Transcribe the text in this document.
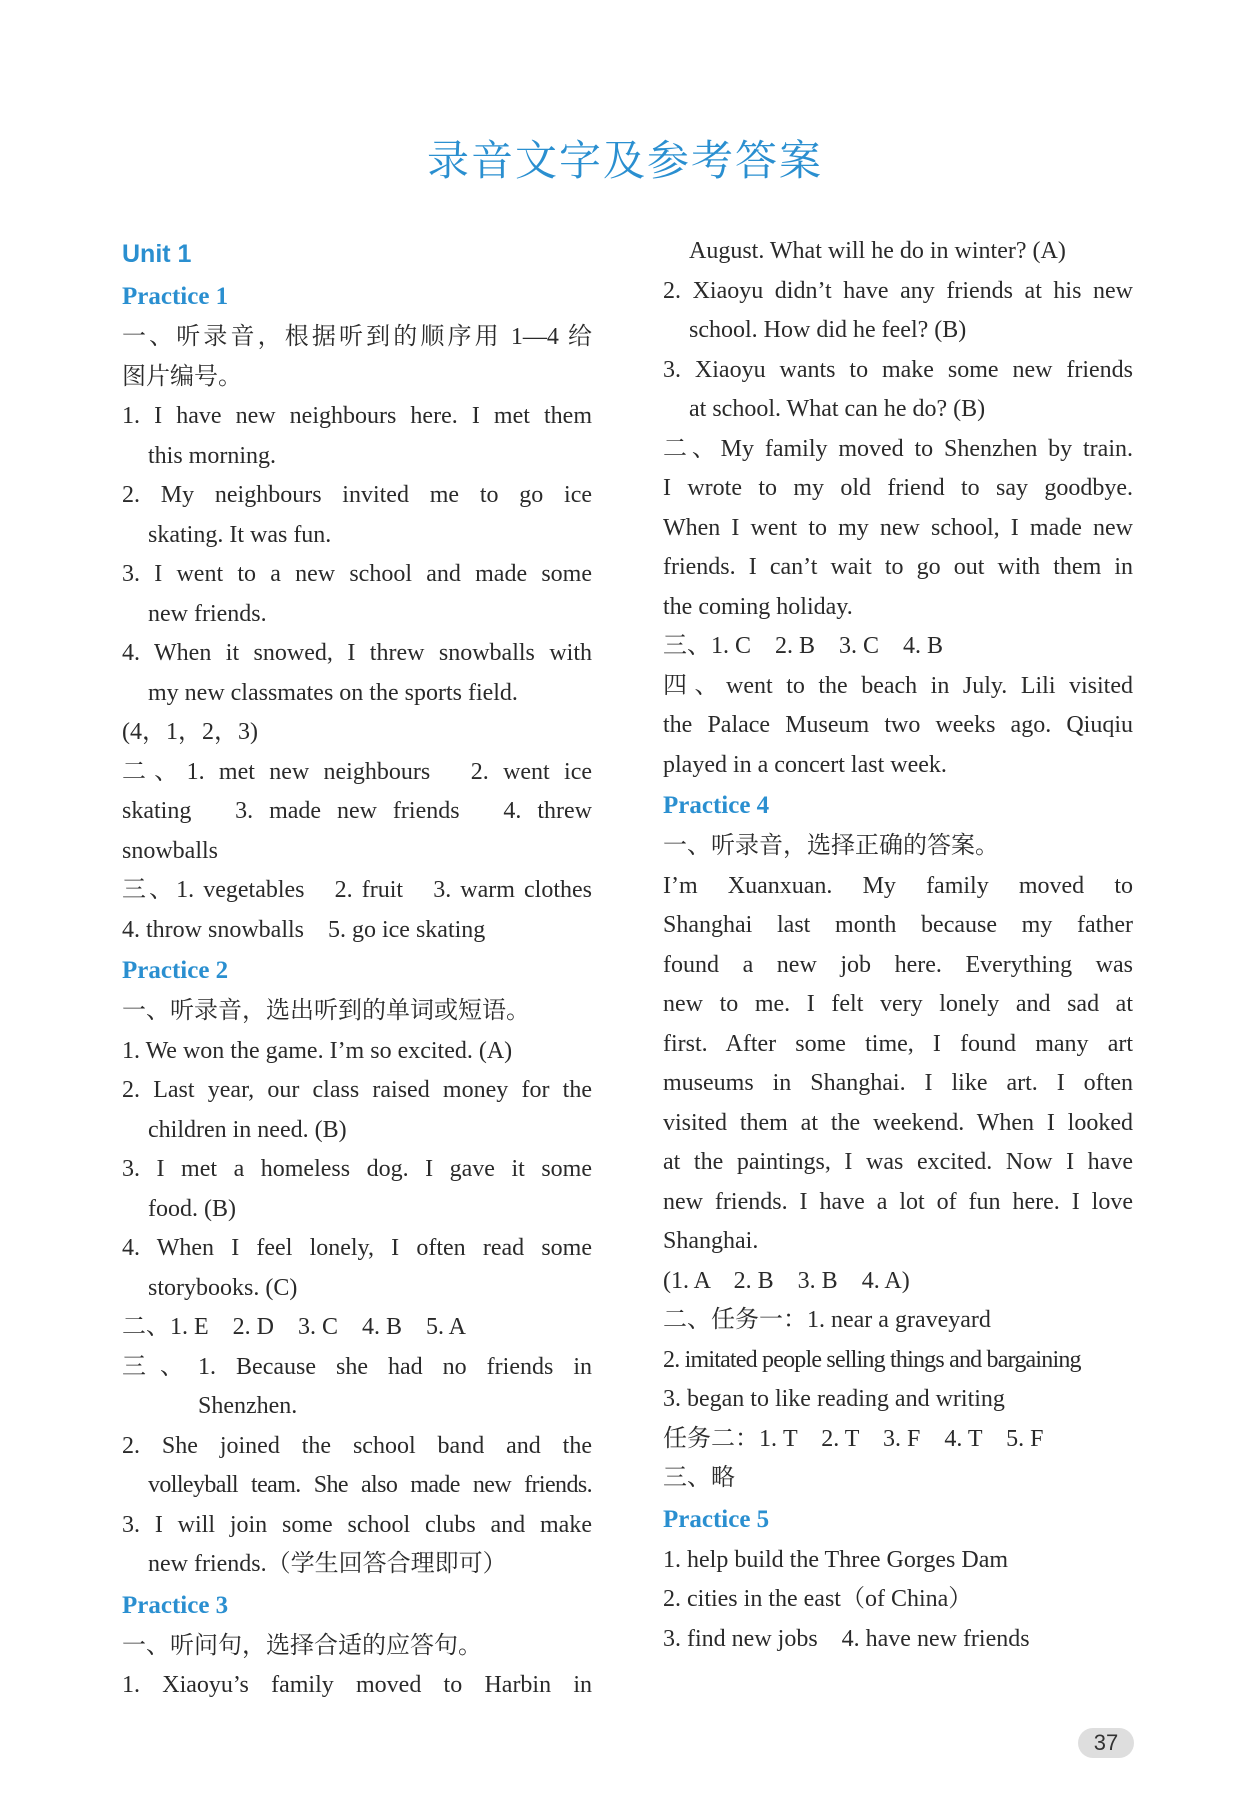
录音文字及参考答案
Unit 1
Practice 1
一、听录音，根据听到的顺序用 1—4 给
图片编号。
1. I have new neighbours here. I met them
this morning.
2. My neighbours invited me to go ice
skating. It was fun.
3. I went to a new school and made some
new friends.
4. When it snowed, I threw snowballs with
my new classmates on the sports field.
(4，1，2，3)
二、1. met new neighbours　2. went ice
skating　3. made new friends　4. threw
snowballs
三、1. vegetables　2. fruit　3. warm clothes
4. throw snowballs　5. go ice skating
Practice 2
一、听录音，选出听到的单词或短语。
1. We won the game. I’m so excited. (A)
2. Last year, our class raised money for the
children in need. (B)
3. I met a homeless dog. I gave it some
food. (B)
4. When I feel lonely, I often read some
storybooks. (C)
二、1. E　2. D　3. C　4. B　5. A
三、1. Because she had no friends in
Shenzhen.
2. She joined the school band and the
volleyball team. She also made new friends.
3. I will join some school clubs and make
new friends.（学生回答合理即可）
Practice 3
一、听问句，选择合适的应答句。
1. Xiaoyu’s family moved to Harbin in
August. What will he do in winter? (A)
2. Xiaoyu didn’t have any friends at his new
school. How did he feel? (B)
3. Xiaoyu wants to make some new friends
at school. What can he do? (B)
二、My family moved to Shenzhen by train.
I wrote to my old friend to say goodbye.
When I went to my new school, I made new
friends. I can’t wait to go out with them in
the coming holiday.
三、1. C　2. B　3. C　4. B
四、went to the beach in July. Lili visited
the Palace Museum two weeks ago. Qiuqiu
played in a concert last week.
Practice 4
一、听录音，选择正确的答案。
I’m Xuanxuan. My family moved to
Shanghai last month because my father
found a new job here. Everything was
new to me. I felt very lonely and sad at
first. After some time, I found many art
museums in Shanghai. I like art. I often
visited them at the weekend. When I looked
at the paintings, I was excited. Now I have
new friends. I have a lot of fun here. I love
Shanghai.
(1. A　2. B　3. B　4. A)
二、任务一：1. near a graveyard
2. imitated people selling things and bargaining
3. began to like reading and writing
任务二：1. T　2. T　3. F　4. T　5. F
三、略
Practice 5
1. help build the Three Gorges Dam
2. cities in the east（of China）
3. find new jobs　4. have new friends
37
